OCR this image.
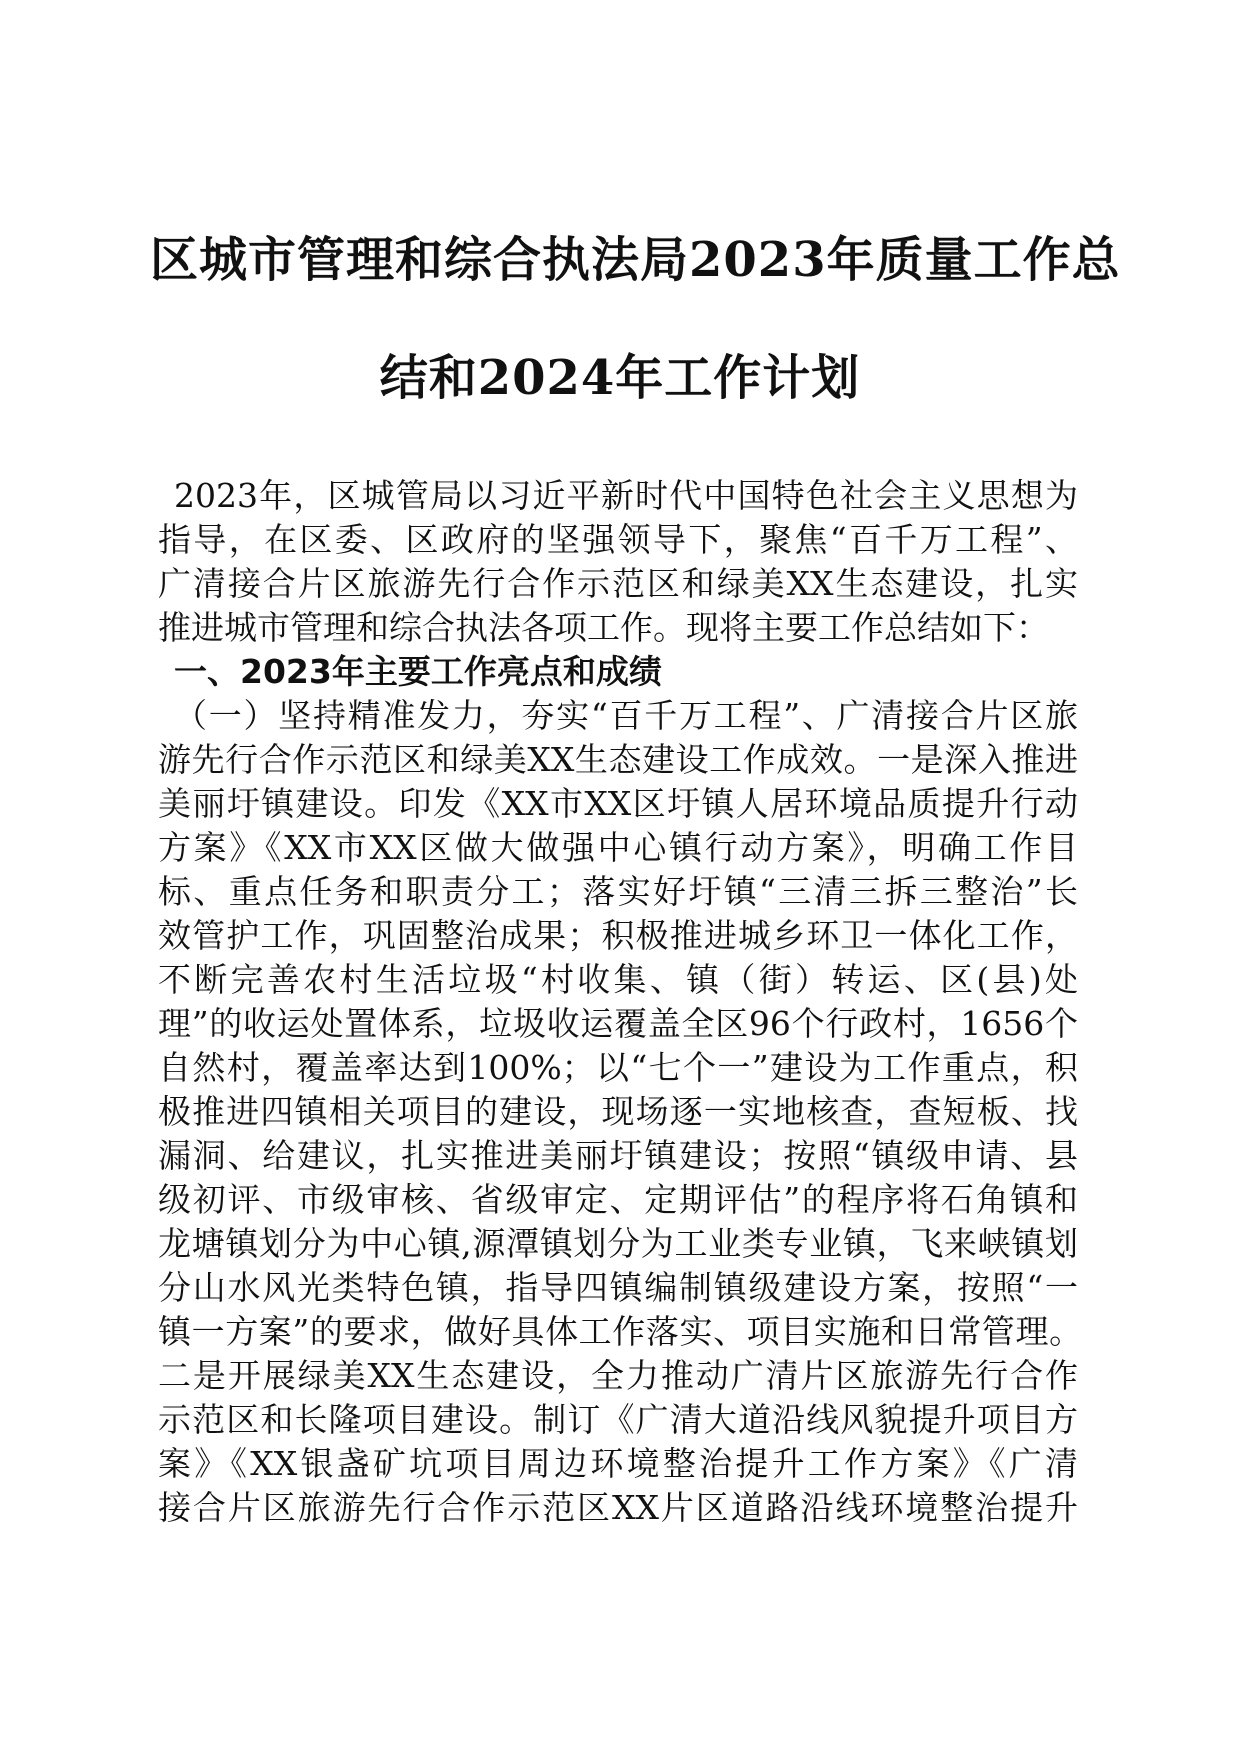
区城市管理和综合执法局2023年质量工作总
结和2024年工作计划
2023年，区城管局以习近平新时代中国特色社会主义思想为
指导，在区委、区政府的坚强领导下，聚焦“百千万工程”、
广清接合片区旅游先行合作示范区和绿美XX生态建设，扎实
推进城市管理和综合执法各项工作。现将主要工作总结如下：
一、2023年主要工作亮点和成绩
（一）坚持精准发力，夯实“百千万工程”、广清接合片区旅
游先行合作示范区和绿美XX生态建设工作成效。一是深入推进
美丽圩镇建设。印发《XX市XX区圩镇人居环境品质提升行动
方案》《XX市XX区做大做强中心镇行动方案》，明确工作目
标、重点任务和职责分工；落实好圩镇“三清三拆三整治”长
效管护工作，巩固整治成果；积极推进城乡环卫一体化工作，
不断完善农村生活垃圾“村收集、镇（街）转运、区(县)处
理”的收运处置体系，垃圾收运覆盖全区96个行政村，1656个
自然村，覆盖率达到100%；以“七个一”建设为工作重点，积
极推进四镇相关项目的建设，现场逐一实地核查，查短板、找
漏洞、给建议，扎实推进美丽圩镇建设；按照“镇级申请、县
级初评、市级审核、省级审定、定期评估”的程序将石角镇和
龙塘镇划分为中心镇,源潭镇划分为工业类专业镇，飞来峡镇划
分山水风光类特色镇，指导四镇编制镇级建设方案，按照“一
镇一方案”的要求，做好具体工作落实、项目实施和日常管理。
二是开展绿美XX生态建设，全力推动广清片区旅游先行合作
示范区和长隆项目建设。制订《广清大道沿线风貌提升项目方
案》《XX银盏矿坑项目周边环境整治提升工作方案》《广清
接合片区旅游先行合作示范区XX片区道路沿线环境整治提升
